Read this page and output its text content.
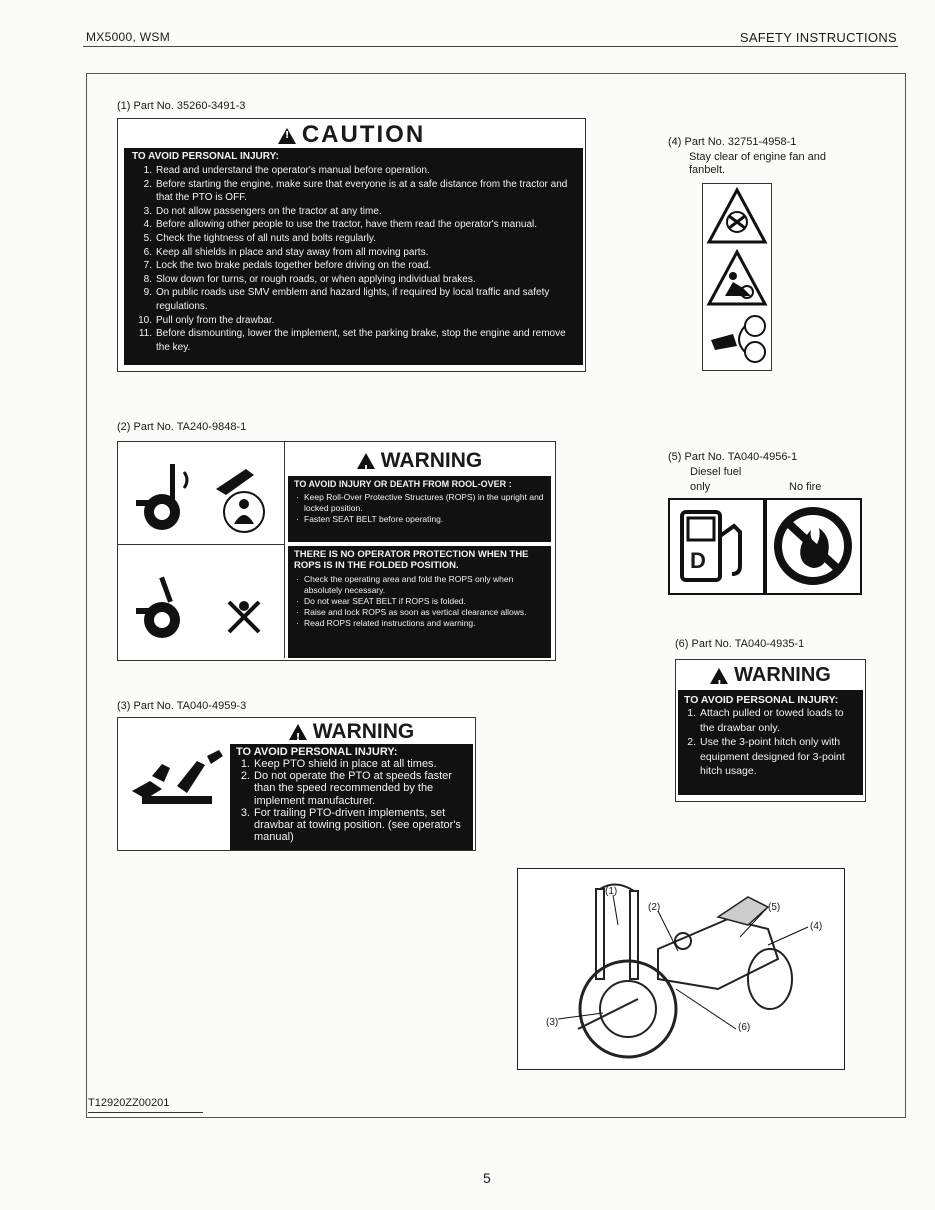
MX5000, WSM	SAFETY INSTRUCTIONS
(1) Part No. 35260-3491-3
!CAUTION
TO AVOID PERSONAL INJURY:
1. Read and understand the operator's manual before operation.
2. Before starting the engine, make sure that everyone is at a safe distance from the tractor and that the PTO is OFF.
3. Do not allow passengers on the tractor at any time.
4. Before allowing other people to use the tractor, have them read the operator's manual.
5. Check the tightness of all nuts and bolts regularly.
6. Keep all shields in place and stay away from all moving parts.
7. Lock the two brake pedals together before driving on the road.
8. Slow down for turns, or rough roads, or when applying individual brakes.
9. On public roads use SMV emblem and hazard lights, if required by local traffic and safety regulations.
10. Pull only from the drawbar.
11. Before dismounting, lower the implement, set the parking brake, stop the engine and remove the key.
(2) Part No. TA240-9848-1
!WARNING
TO AVOID INJURY OR DEATH FROM ROOL-OVER :
· Keep Roll-Over Protective Structures (ROPS) in the upright and locked position.
· Fasten SEAT BELT before operating.
THERE IS NO OPERATOR PROTECTION WHEN THE ROPS IS IN THE FOLDED POSITION.
· Check the operating area and fold the ROPS only when absolutely necessary.
· Do not wear SEAT BELT if ROPS is folded.
· Raise and lock ROPS as soon as vertical clearance allows.
· Read ROPS related instructions and warning.
(3) Part No. TA040-4959-3
!WARNING
TO AVOID PERSONAL INJURY:
1. Keep PTO shield in place at all times.
2. Do not operate the PTO at speeds faster than the speed recommended by the implement manufacturer.
3. For trailing PTO-driven implements, set drawbar at towing position. (see operator's manual)
(4) Part No. 32751-4958-1
Stay clear of engine fan and fanbelt.
(5) Part No. TA040-4956-1
Diesel fuel
only	No fire
D
(6) Part No. TA040-4935-1
!WARNING
TO AVOID PERSONAL INJURY:
1. Attach pulled or towed loads to the drawbar only.
2. Use the 3-point hitch only with equipment designed for 3-point hitch usage.
(1)
(2)
(3)
(4)
(5)
(6)
T12920ZZ00201
5
